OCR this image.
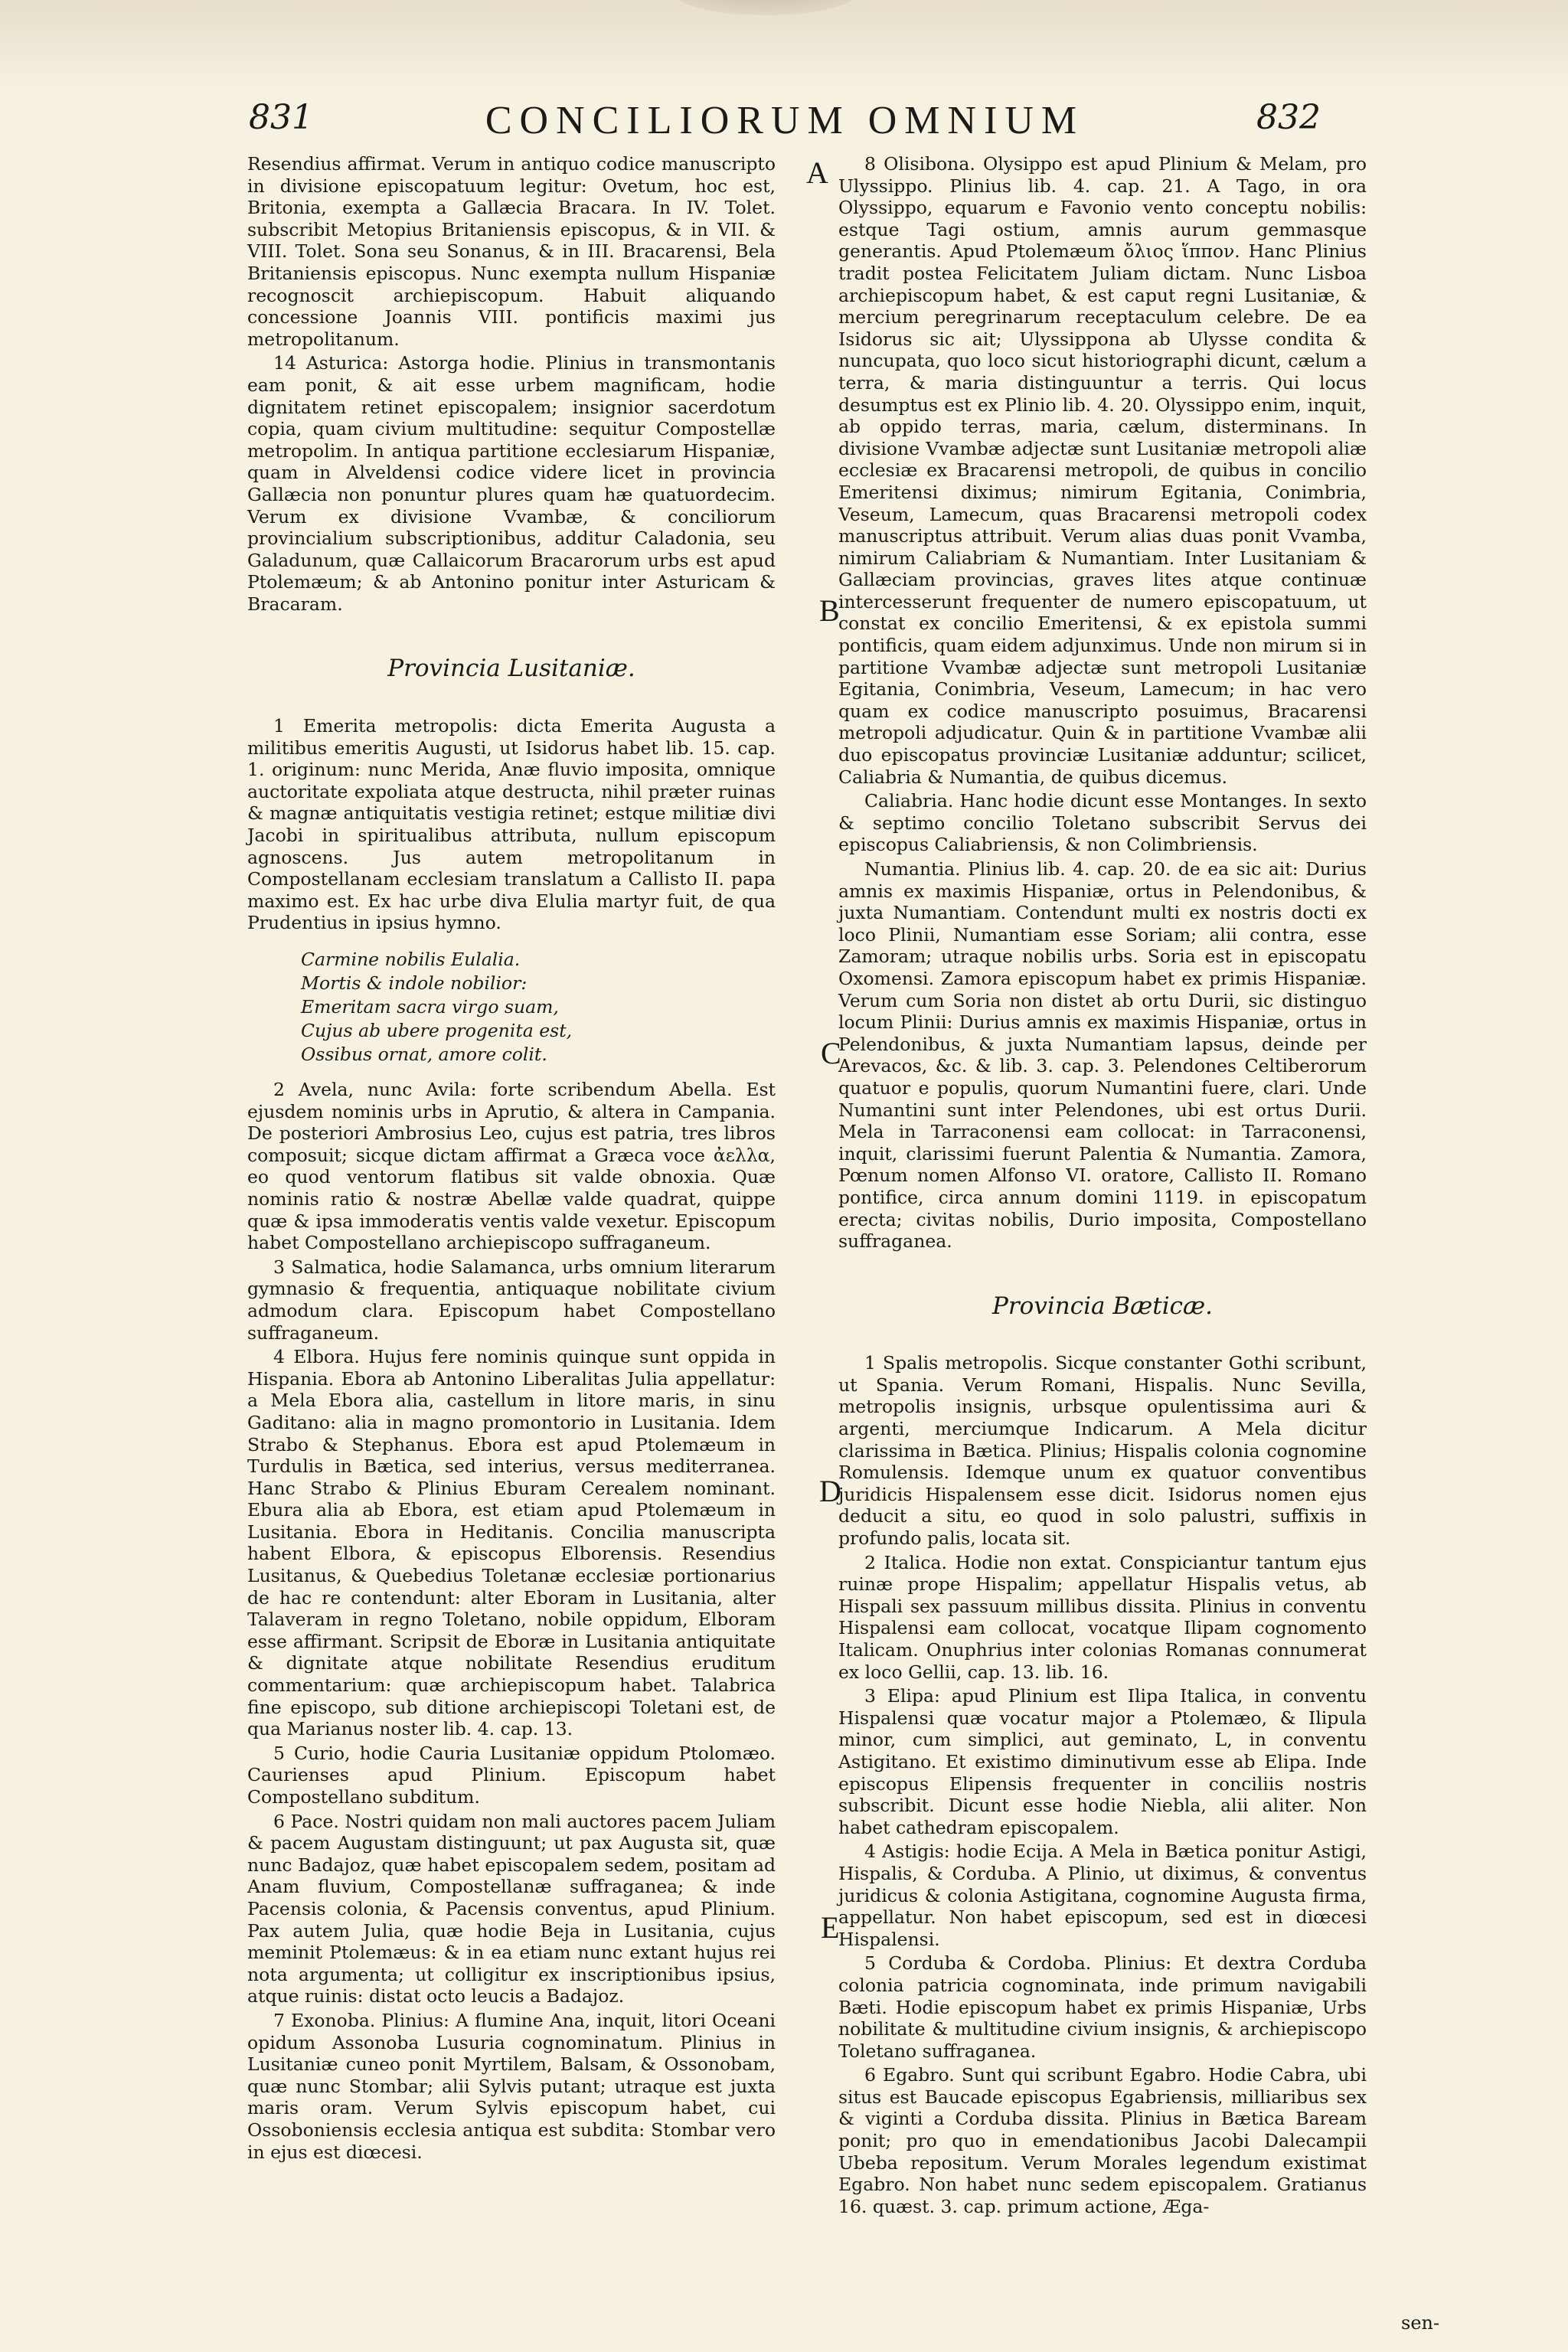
831	CONCILIORUM OMNIUM	832
A
B
C
D
E

Resendius affirmat. Verum in antiquo codice manuscripto in divisione episcopatuum legitur: Ovetum, hoc est, Britonia, exempta a Gallæcia Bracara. In IV. Tolet. subscribit Metopius Britaniensis episcopus, & in VII. & VIII. Tolet. Sona seu Sonanus, & in III. Bracarensi, Bela Britaniensis episcopus. Nunc exempta nullum Hispaniæ recognoscit archiepiscopum. Habuit aliquando concessione Joannis VIII. pontificis maximi jus metropolitanum.

14 Asturica: Astorga hodie. Plinius in transmontanis eam ponit, & ait esse urbem magnificam, hodie dignitatem retinet episcopalem; insignior sacerdotum copia, quam civium multitudine: sequitur Compostellæ metropolim. In antiqua partitione ecclesiarum Hispaniæ, quam in Alveldensi codice videre licet in provincia Gallæcia non ponuntur plures quam hæ quatuordecim. Verum ex divisione Vvambæ, & conciliorum provincialium subscriptionibus, additur Caladonia, seu Galadunum, quæ Callaicorum Bracarorum urbs est apud Ptolemæum; & ab Antonino ponitur inter Asturicam & Bracaram.

Provincia Lusitaniæ.

1 Emerita metropolis: dicta Emerita Augusta a militibus emeritis Augusti, ut Isidorus habet lib. 15. cap. 1. originum: nunc Merida, Anæ fluvio imposita, omnique auctoritate expoliata atque destructa, nihil præter ruinas & magnæ antiquitatis vestigia retinet; estque militiæ divi Jacobi in spiritualibus attributa, nullum episcopum agnoscens. Jus autem metropolitanum in Compostellanam ecclesiam translatum a Callisto II. papa maximo est. Ex hac urbe diva Elulia martyr fuit, de qua Prudentius in ipsius hymno.

Carmine nobilis Eulalia.
Mortis & indole nobilior:
Emeritam sacra virgo suam,
Cujus ab ubere progenita est,
Ossibus ornat, amore colit.

2 Avela, nunc Avila: forte scribendum Abella. Est ejusdem nominis urbs in Aprutio, & altera in Campania. De posteriori Ambrosius Leo, cujus est patria, tres libros composuit; sicque dictam affirmat a Græca voce ἀελλα, eo quod ventorum flatibus sit valde obnoxia. Quæ nominis ratio & nostræ Abellæ valde quadrat, quippe quæ & ipsa immoderatis ventis valde vexetur. Episcopum habet Compostellano archiepiscopo suffraganeum.

3 Salmatica, hodie Salamanca, urbs omnium literarum gymnasio & frequentia, antiquaque nobilitate civium admodum clara. Episcopum habet Compostellano suffraganeum.

4 Elbora. Hujus fere nominis quinque sunt oppida in Hispania. Ebora ab Antonino Liberalitas Julia appellatur: a Mela Ebora alia, castellum in litore maris, in sinu Gaditano: alia in magno promontorio in Lusitania. Idem Strabo & Stephanus. Ebora est apud Ptolemæum in Turdulis in Bætica, sed interius, versus mediterranea. Hanc Strabo & Plinius Eburam Cerealem nominant. Ebura alia ab Ebora, est etiam apud Ptolemæum in Lusitania. Ebora in Heditanis. Concilia manuscripta habent Elbora, & episcopus Elborensis. Resendius Lusitanus, & Quebedius Toletanæ ecclesiæ portionarius de hac re contendunt: alter Eboram in Lusitania, alter Talaveram in regno Toletano, nobile oppidum, Elboram esse affirmant. Scripsit de Eboræ in Lusitania antiquitate & dignitate atque nobilitate Resendius eruditum commentarium: quæ archiepiscopum habet. Talabrica fine episcopo, sub ditione archiepiscopi Toletani est, de qua Marianus noster lib. 4. cap. 13.

5 Curio, hodie Cauria Lusitaniæ oppidum Ptolomæo. Caurienses apud Plinium. Episcopum habet Compostellano subditum.

6 Pace. Nostri quidam non mali auctores pacem Juliam & pacem Augustam distinguunt; ut pax Augusta sit, quæ nunc Badajoz, quæ habet episcopalem sedem, positam ad Anam fluvium, Compostellanæ suffraganea; & inde Pacensis colonia, & Pacensis conventus, apud Plinium. Pax autem Julia, quæ hodie Beja in Lusitania, cujus meminit Ptolemæus: & in ea etiam nunc extant hujus rei nota argumenta; ut colligitur ex inscriptionibus ipsius, atque ruinis: distat octo leucis a Badajoz.

7 Exonoba. Plinius: A flumine Ana, inquit, litori Oceani opidum Assonoba Lusuria cognominatum. Plinius in Lusitaniæ cuneo ponit Myrtilem, Balsam, & Ossonobam, quæ nunc Stombar; alii Sylvis putant; utraque est juxta maris oram. Verum Sylvis episcopum habet, cui Ossoboniensis ecclesia antiqua est subdita: Stombar vero in ejus est diœcesi.

8 Olisibona. Olysippo est apud Plinium & Melam, pro Ulyssippo. Plinius lib. 4. cap. 21. A Tago, in ora Olyssippo, equarum e Favonio vento conceptu nobilis: estque Tagi ostium, amnis aurum gemmasque generantis. Apud Ptolemæum ὄλιος ἵππον. Hanc Plinius tradit postea Felicitatem Juliam dictam. Nunc Lisboa archiepiscopum habet, & est caput regni Lusitaniæ, & mercium peregrinarum receptaculum celebre. De ea Isidorus sic ait; Ulyssippona ab Ulysse condita & nuncupata, quo loco sicut historiographi dicunt, cælum a terra, & maria distinguuntur a terris. Qui locus desumptus est ex Plinio lib. 4. 20. Olyssippo enim, inquit, ab oppido terras, maria, cælum, disterminans. In divisione Vvambæ adjectæ sunt Lusitaniæ metropoli aliæ ecclesiæ ex Bracarensi metropoli, de quibus in concilio Emeritensi diximus; nimirum Egitania, Conimbria, Veseum, Lamecum, quas Bracarensi metropoli codex manuscriptus attribuit. Verum alias duas ponit Vvamba, nimirum Caliabriam & Numantiam. Inter Lusitaniam & Gallæciam provincias, graves lites atque continuæ intercesserunt frequenter de numero episcopatuum, ut constat ex concilio Emeritensi, & ex epistola summi pontificis, quam eidem adjunximus. Unde non mirum si in partitione Vvambæ adjectæ sunt metropoli Lusitaniæ Egitania, Conimbria, Veseum, Lamecum; in hac vero quam ex codice manuscripto posuimus, Bracarensi metropoli adjudicatur. Quin & in partitione Vvambæ alii duo episcopatus provinciæ Lusitaniæ adduntur; scilicet, Caliabria & Numantia, de quibus dicemus.

Caliabria. Hanc hodie dicunt esse Montanges. In sexto & septimo concilio Toletano subscribit Servus dei episcopus Caliabriensis, & non Colimbriensis.

Numantia. Plinius lib. 4. cap. 20. de ea sic ait: Durius amnis ex maximis Hispaniæ, ortus in Pelendonibus, & juxta Numantiam. Contendunt multi ex nostris docti ex loco Plinii, Numantiam esse Soriam; alii contra, esse Zamoram; utraque nobilis urbs. Soria est in episcopatu Oxomensi. Zamora episcopum habet ex primis Hispaniæ. Verum cum Soria non distet ab ortu Durii, sic distinguo locum Plinii: Durius amnis ex maximis Hispaniæ, ortus in Pelendonibus, & juxta Numantiam lapsus, deinde per Arevacos, &c. & lib. 3. cap. 3. Pelendones Celtiberorum quatuor e populis, quorum Numantini fuere, clari. Unde Numantini sunt inter Pelendones, ubi est ortus Durii. Mela in Tarraconensi eam collocat: in Tarraconensi, inquit, clarissimi fuerunt Palentia & Numantia. Zamora, Pœnum nomen Alfonso VI. oratore, Callisto II. Romano pontifice, circa annum domini 1119. in episcopatum erecta; civitas nobilis, Durio imposita, Compostellano suffraganea.

Provincia Bæticæ.

1 Spalis metropolis. Sicque constanter Gothi scribunt, ut Spania. Verum Romani, Hispalis. Nunc Sevilla, metropolis insignis, urbsque opulentissima auri & argenti, merciumque Indicarum. A Mela dicitur clarissima in Bætica. Plinius; Hispalis colonia cognomine Romulensis. Idemque unum ex quatuor conventibus juridicis Hispalensem esse dicit. Isidorus nomen ejus deducit a situ, eo quod in solo palustri, suffixis in profundo palis, locata sit.

2 Italica. Hodie non extat. Conspiciantur tantum ejus ruinæ prope Hispalim; appellatur Hispalis vetus, ab Hispali sex passuum millibus dissita. Plinius in conventu Hispalensi eam collocat, vocatque Ilipam cognomento Italicam. Onuphrius inter colonias Romanas connumerat ex loco Gellii, cap. 13. lib. 16.

3 Elipa: apud Plinium est Ilipa Italica, in conventu Hispalensi quæ vocatur major a Ptolemæo, & Ilipula minor, cum simplici, aut geminato, L, in conventu Astigitano. Et existimo diminutivum esse ab Elipa. Inde episcopus Elipensis frequenter in conciliis nostris subscribit. Dicunt esse hodie Niebla, alii aliter. Non habet cathedram episcopalem.

4 Astigis: hodie Ecija. A Mela in Bætica ponitur Astigi, Hispalis, & Corduba. A Plinio, ut diximus, & conventus juridicus & colonia Astigitana, cognomine Augusta firma, appellatur. Non habet episcopum, sed est in diœcesi Hispalensi.

5 Corduba & Cordoba. Plinius: Et dextra Corduba colonia patricia cognominata, inde primum navigabili Bæti. Hodie episcopum habet ex primis Hispaniæ, Urbs nobilitate & multitudine civium insignis, & archiepiscopo Toletano suffraganea.

6 Egabro. Sunt qui scribunt Egabro. Hodie Cabra, ubi situs est Baucade episcopus Egabriensis, milliaribus sex & viginti a Corduba dissita. Plinius in Bætica Baream ponit; pro quo in emendationibus Jacobi Dalecampii Ubeba repositum. Verum Morales legendum existimat Egabro. Non habet nunc sedem episcopalem. Gratianus 16. quæst. 3. cap. primum actione, Æga-

sen-
